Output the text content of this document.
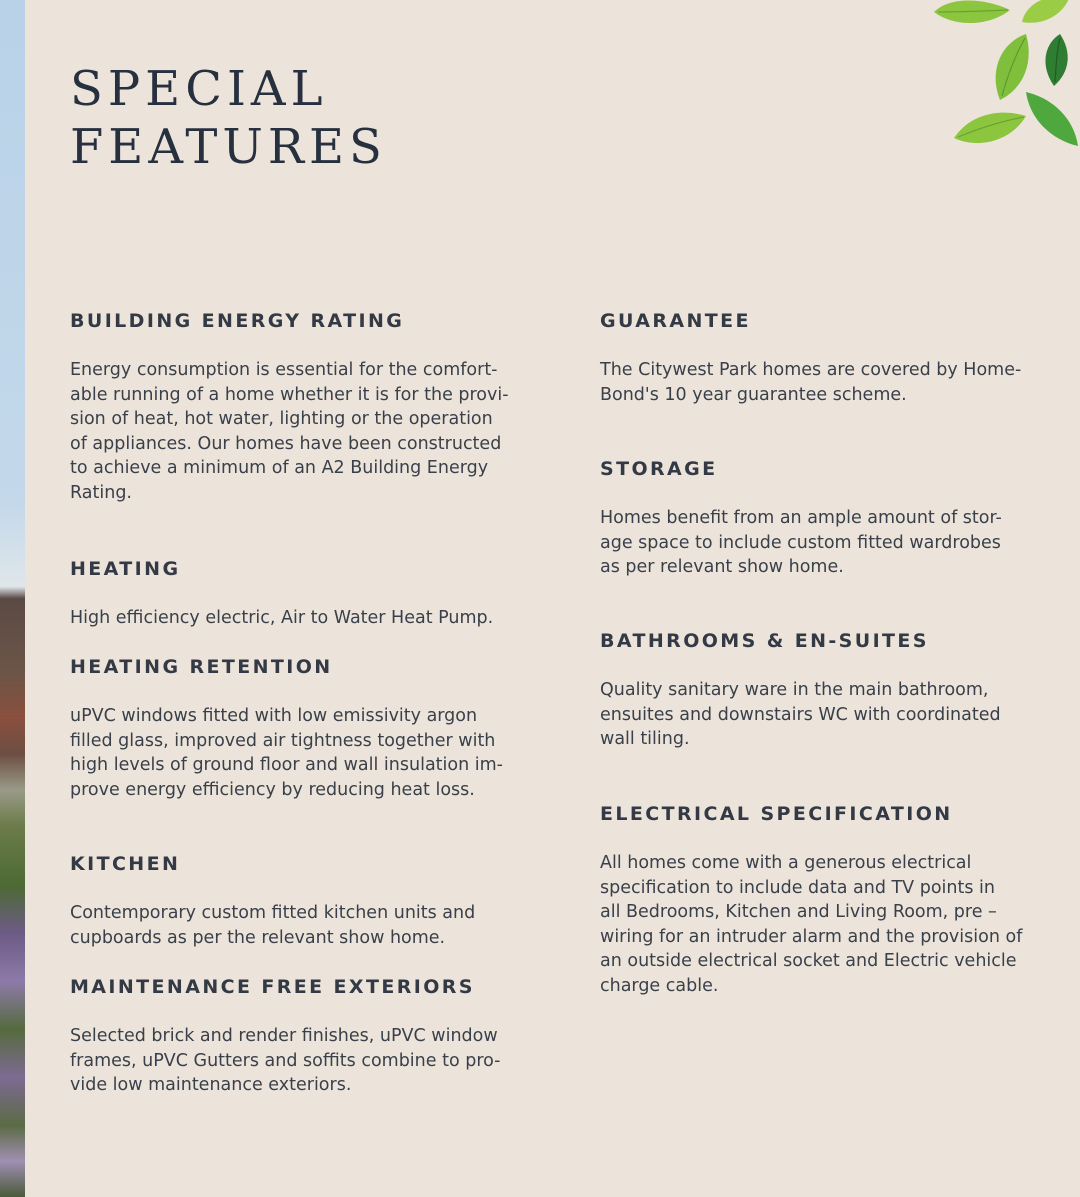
SPECIAL
FEATURES
BUILDING ENERGY RATING

Energy consumption is essential for the comfort-
able running of a home whether it is for the provi-
sion of heat, hot water, lighting or the operation
of appliances. Our homes have been constructed
to achieve a minimum of an A2 Building Energy
Rating.

HEATING

High efficiency electric, Air to Water Heat Pump.

HEATING RETENTION

uPVC windows fitted with low emissivity argon
filled glass, improved air tightness together with
high levels of ground floor and wall insulation im-
prove energy efficiency by reducing heat loss.

KITCHEN

Contemporary custom fitted kitchen units and
cupboards as per the relevant show home.

MAINTENANCE FREE EXTERIORS

Selected brick and render finishes, uPVC window
frames, uPVC Gutters and soffits combine to pro-
vide low maintenance exteriors.

GUARANTEE

The Citywest Park homes are covered by Home-
Bond's 10 year guarantee scheme.

STORAGE

Homes benefit from an ample amount of stor-
age space to include custom fitted wardrobes
as per relevant show home.

BATHROOMS & EN-SUITES

Quality sanitary ware in the main bathroom,
ensuites and downstairs WC with coordinated
wall tiling.

ELECTRICAL SPECIFICATION

All homes come with a generous electrical
specification to include data and TV points in
all Bedrooms, Kitchen and Living Room, pre –
wiring for an intruder alarm and the provision of
an outside electrical socket and Electric vehicle
charge cable.
